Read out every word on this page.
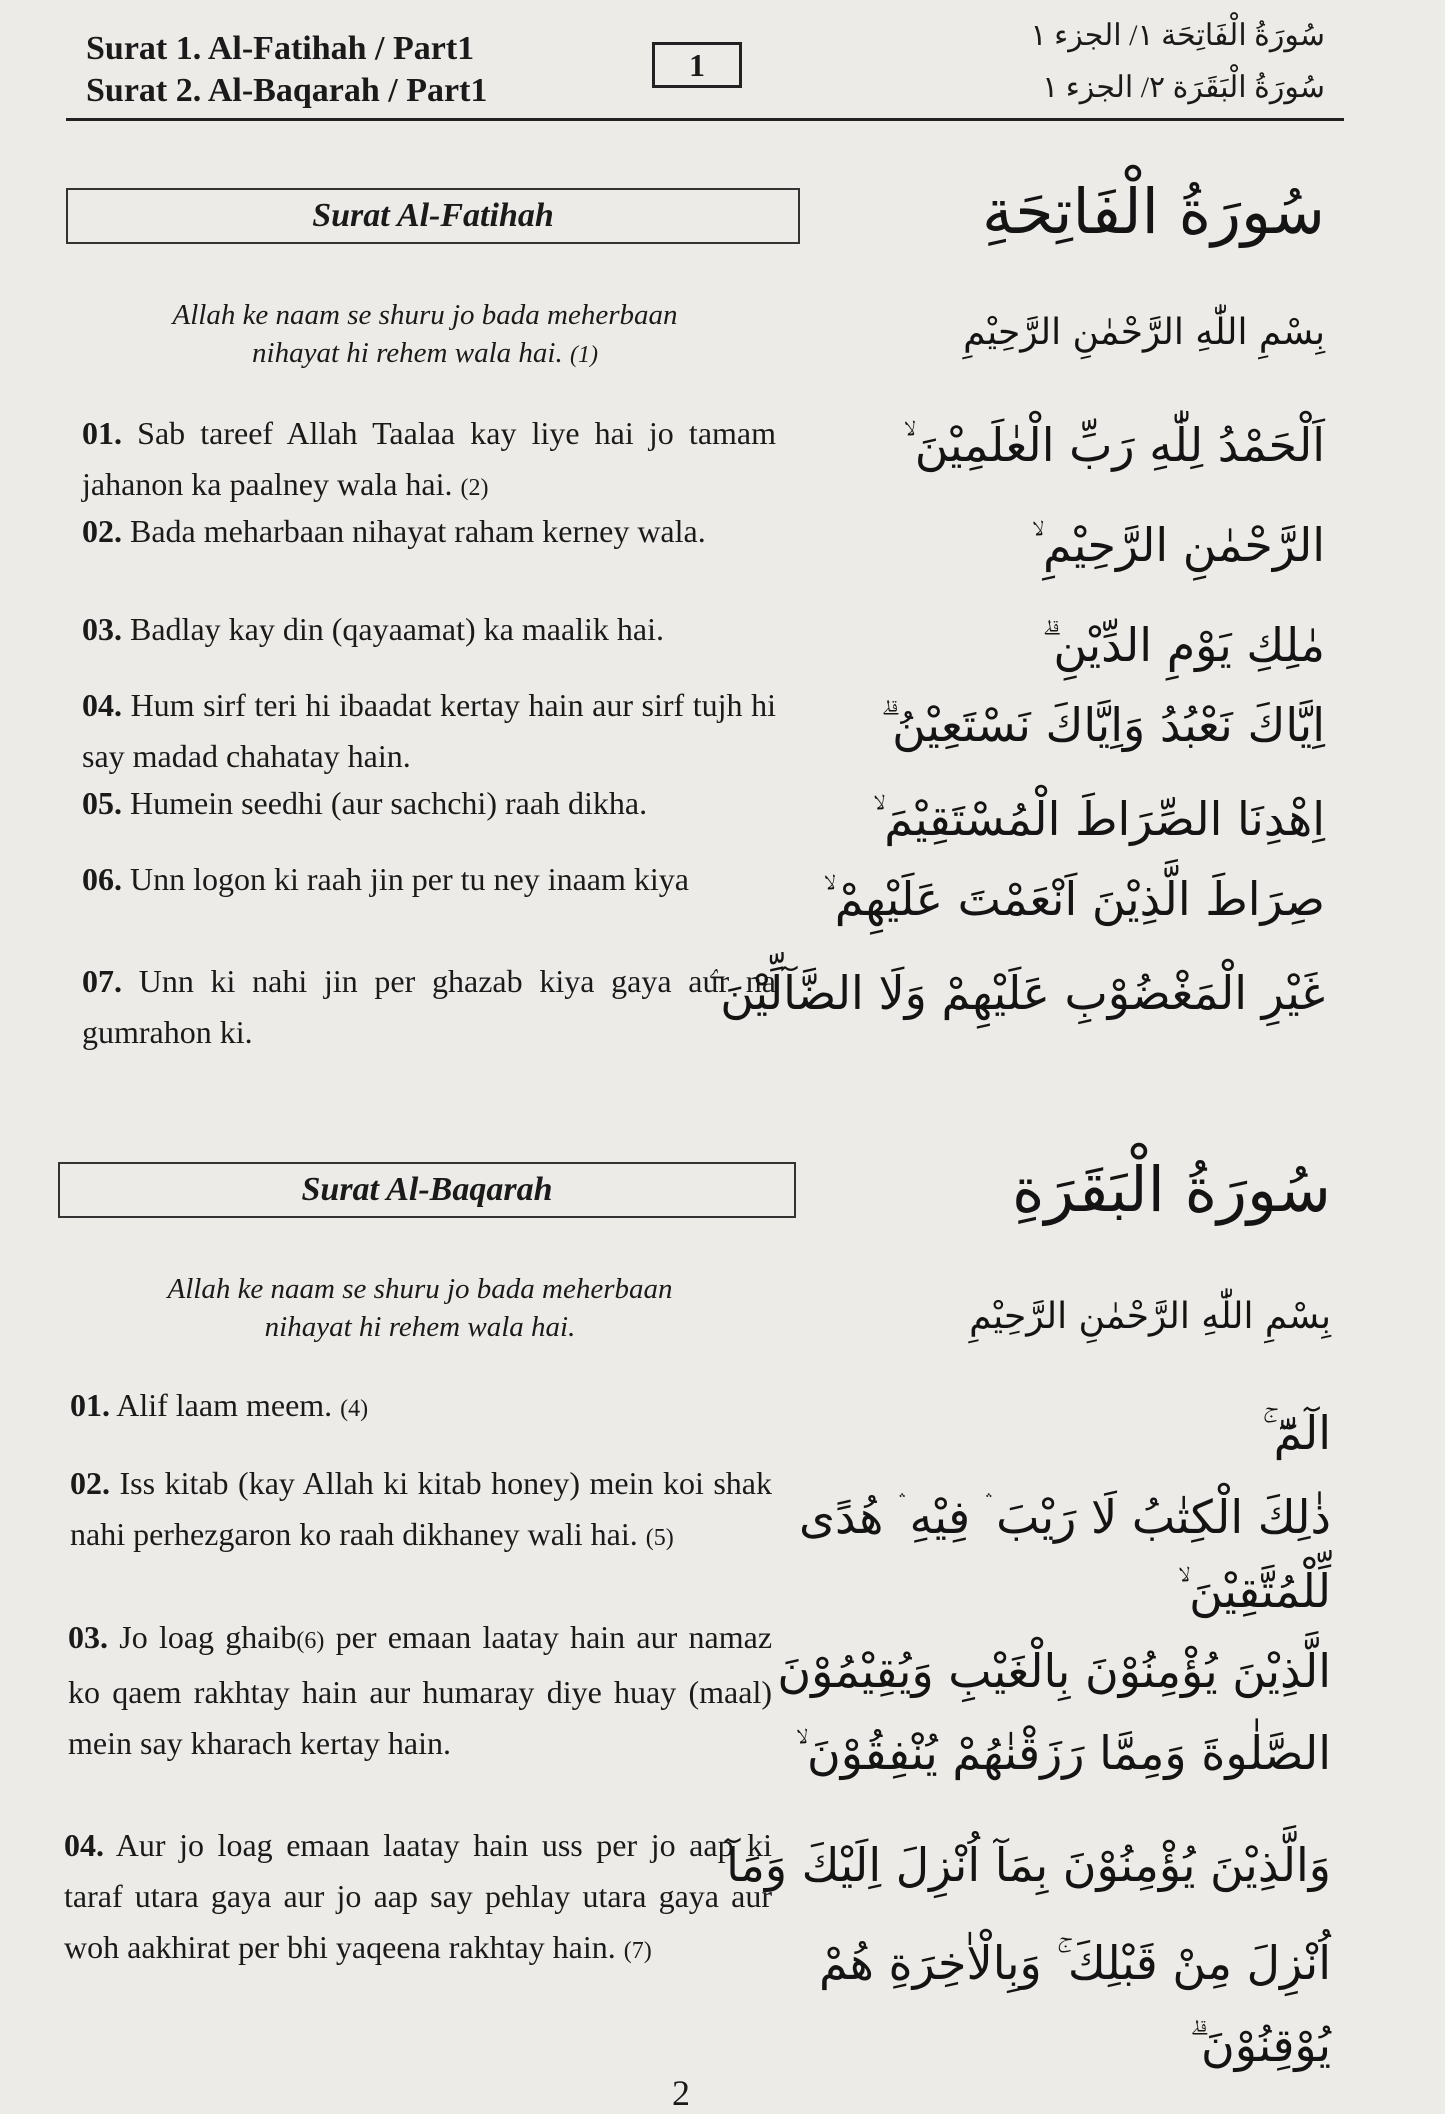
Surat 1. Al-Fatihah / Part1
Surat 2. Al-Baqarah / Part1
1
سُورَةُ الْفَاتِحَة ١/ الجزء ١
سُورَةُ الْبَقَرَة ٢/ الجزء ١
Surat Al-Fatihah	سُورَةُ الْفَاتِحَةِ
Allah ke naam se shuru jo bada meherbaan
nihayat hi rehem wala hai. (1)
بِسْمِ اللّٰهِ الرَّحْمٰنِ الرَّحِيْمِ
01. Sab tareef Allah Taalaa kay liye hai jo tamam jahanon ka paalney wala hai. (2)
02. Bada meharbaan nihayat raham kerney wala.
03. Badlay kay din (qayaamat) ka maalik hai.
04. Hum sirf teri hi ibaadat kertay hain aur sirf tujh hi say madad chahatay hain.
05. Humein seedhi (aur sachchi) raah dikha.
06. Unn logon ki raah jin per tu ney inaam kiya
07. Unn ki nahi jin per ghazab kiya gaya aur na gumrahon ki.
اَلْحَمْدُ لِلّٰهِ رَبِّ الْعٰلَمِيْنَ ۙ
الرَّحْمٰنِ الرَّحِيْمِ ۙ
مٰلِكِ يَوْمِ الدِّيْنِ ۗ
اِيَّاكَ نَعْبُدُ وَاِيَّاكَ نَسْتَعِيْنُ ۗ
اِهْدِنَا الصِّرَاطَ الْمُسْتَقِيْمَ ۙ
صِرَاطَ الَّذِيْنَ اَنْعَمْتَ عَلَيْهِمْ ۙ
غَيْرِ الْمَغْضُوْبِ عَلَيْهِمْ وَلَا الضَّآلِّيْنَ ۧ
Surat Al-Baqarah	سُورَةُ الْبَقَرَةِ
Allah ke naam se shuru jo bada meherbaan
nihayat hi rehem wala hai.	بِسْمِ اللّٰهِ الرَّحْمٰنِ الرَّحِيْمِ
01. Alif laam meem. (4)
02. Iss kitab (kay Allah ki kitab honey) mein koi shak nahi perhezgaron ko raah dikhaney wali hai. (5)
03. Jo loag ghaib(6) per emaan laatay hain aur namaz ko qaem rakhtay hain aur humaray diye huay (maal) mein say kharach kertay hain.
04. Aur jo loag emaan laatay hain uss per jo aap ki taraf utara gaya aur jo aap say pehlay utara gaya aur woh aakhirat per bhi yaqeena rakhtay hain. (7)
الٓمّٓ ۚ
ذٰلِكَ الْكِتٰبُ لَا رَيْبَ ۛ فِيْهِ ۛ هُدًى
لِّلْمُتَّقِيْنَ ۙ
الَّذِيْنَ يُؤْمِنُوْنَ بِالْغَيْبِ وَيُقِيْمُوْنَ
الصَّلٰوةَ وَمِمَّا رَزَقْنٰهُمْ يُنْفِقُوْنَ ۙ
وَالَّذِيْنَ يُؤْمِنُوْنَ بِمَآ اُنْزِلَ اِلَيْكَ وَمَآ
اُنْزِلَ مِنْ قَبْلِكَ ۚ وَبِالْاٰخِرَةِ هُمْ
يُوْقِنُوْنَ ۗ
2
